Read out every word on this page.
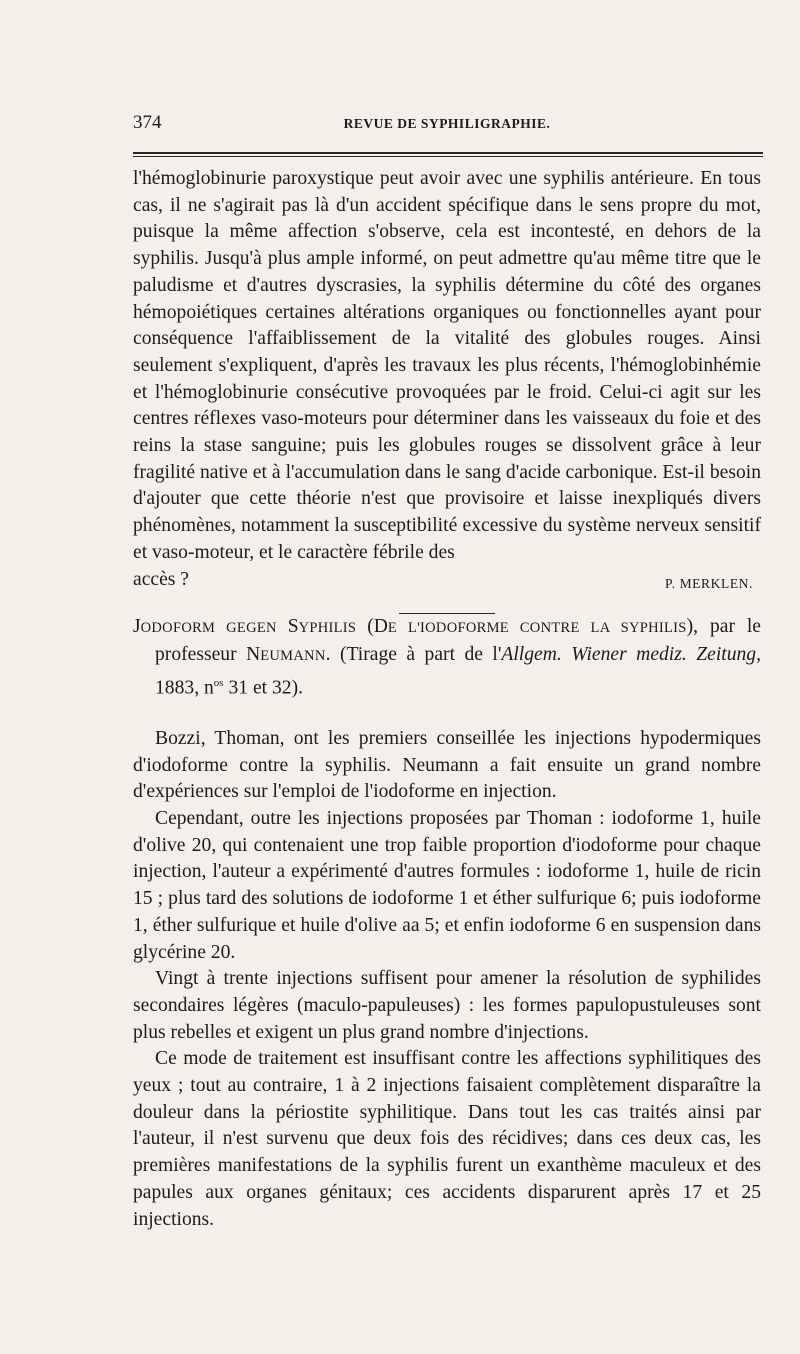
374	REVUE DE SYPHILIGRAPHIE.

l'hémoglobinurie paroxystique peut avoir avec une syphilis antérieure. En tous cas, il ne s'agirait pas là d'un accident spécifique dans le sens propre du mot, puisque la même affection s'observe, cela est incontesté, en dehors de la syphilis. Jusqu'à plus ample informé, on peut admettre qu'au même titre que le paludisme et d'autres dyscrasies, la syphilis détermine du côté des organes hémopoiétiques certaines altérations organiques ou fonctionnelles ayant pour conséquence l'affaiblissement de la vitalité des globules rouges. Ainsi seulement s'expliquent, d'après les travaux les plus récents, l'hémoglobinhémie et l'hémoglobinurie consécutive provoquées par le froid. Celui-ci agit sur les centres réflexes vaso-moteurs pour déterminer dans les vaisseaux du foie et des reins la stase sanguine; puis les globules rouges se dissolvent grâce à leur fragilité native et à l'accumulation dans le sang d'acide carbonique. Est-il besoin d'ajouter que cette théorie n'est que provisoire et laisse inexpliqués divers phénomènes, notamment la susceptibilité excessive du système nerveux sensitif et vaso-moteur, et le caractère fébrile des

accès ?	P. MERKLEN.

JODOFORM GEGEN SYPHILIS (DE L'IODOFORME CONTRE LA SYPHILIS), par le professeur NEUMANN. (Tirage à part de l'Allgem. Wiener mediz. Zeitung, 1883, $n^{os}$ 31 et 32).

Bozzi, Thoman, ont les premiers conseillée les injections hypodermiques d'iodoforme contre la syphilis. Neumann a fait ensuite un grand nombre d'expériences sur l'emploi de l'iodoforme en injection.

Cependant, outre les injections proposées par Thoman : iodoforme 1, huile d'olive 20, qui contenaient une trop faible proportion d'iodoforme pour chaque injection, l'auteur a expérimenté d'autres formules : iodoforme 1, huile de ricin 15 ; plus tard des solutions de iodoforme 1 et éther sulfurique 6; puis iodoforme 1, éther sulfurique et huile d'olive aa 5; et enfin iodoforme 6 en suspension dans glycérine 20.

Vingt à trente injections suffisent pour amener la résolution de syphilides secondaires légères (maculo-papuleuses) : les formes papulopustuleuses sont plus rebelles et exigent un plus grand nombre d'injections.

Ce mode de traitement est insuffisant contre les affections syphilitiques des yeux ; tout au contraire, 1 à 2 injections faisaient complètement disparaître la douleur dans la périostite syphilitique. Dans tout les cas traités ainsi par l'auteur, il n'est survenu que deux fois des récidives; dans ces deux cas, les premières manifestations de la syphilis furent un exanthème maculeux et des papules aux organes génitaux; ces accidents disparurent après 17 et 25 injections.
